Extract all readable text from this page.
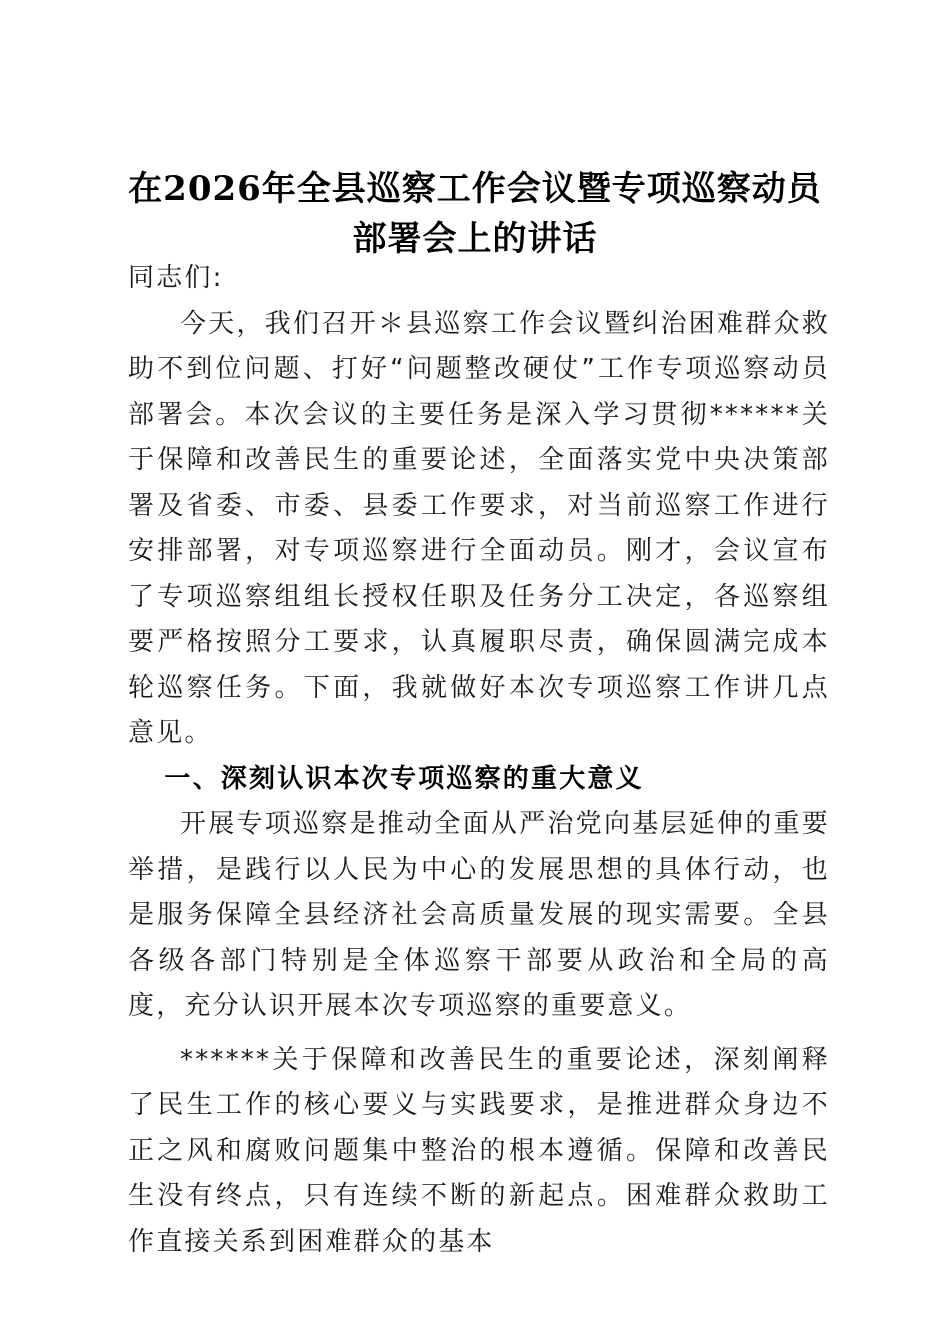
在2026年全县巡察工作会议暨专项巡察动员
部署会上的讲话

同志们:

今天，我们召开＊县巡察工作会议暨纠治困难群众救助不到位问题、打好“问题整改硬仗”工作专项巡察动员部署会。本次会议的主要任务是深入学习贯彻******关于保障和改善民生的重要论述，全面落实党中央决策部署及省委、市委、县委工作要求，对当前巡察工作进行安排部署，对专项巡察进行全面动员。刚才，会议宣布了专项巡察组组长授权任职及任务分工决定，各巡察组要严格按照分工要求，认真履职尽责，确保圆满完成本轮巡察任务。下面，我就做好本次专项巡察工作讲几点意见。

一、深刻认识本次专项巡察的重大意义

开展专项巡察是推动全面从严治党向基层延伸的重要举措，是践行以人民为中心的发展思想的具体行动，也是服务保障全县经济社会高质量发展的现实需要。全县各级各部门特别是全体巡察干部要从政治和全局的高度，充分认识开展本次专项巡察的重要意义。

******关于保障和改善民生的重要论述，深刻阐释了民生工作的核心要义与实践要求，是推进群众身边不正之风和腐败问题集中整治的根本遵循。保障和改善民生没有终点，只有连续不断的新起点。困难群众救助工作直接关系到困难群众的基本
